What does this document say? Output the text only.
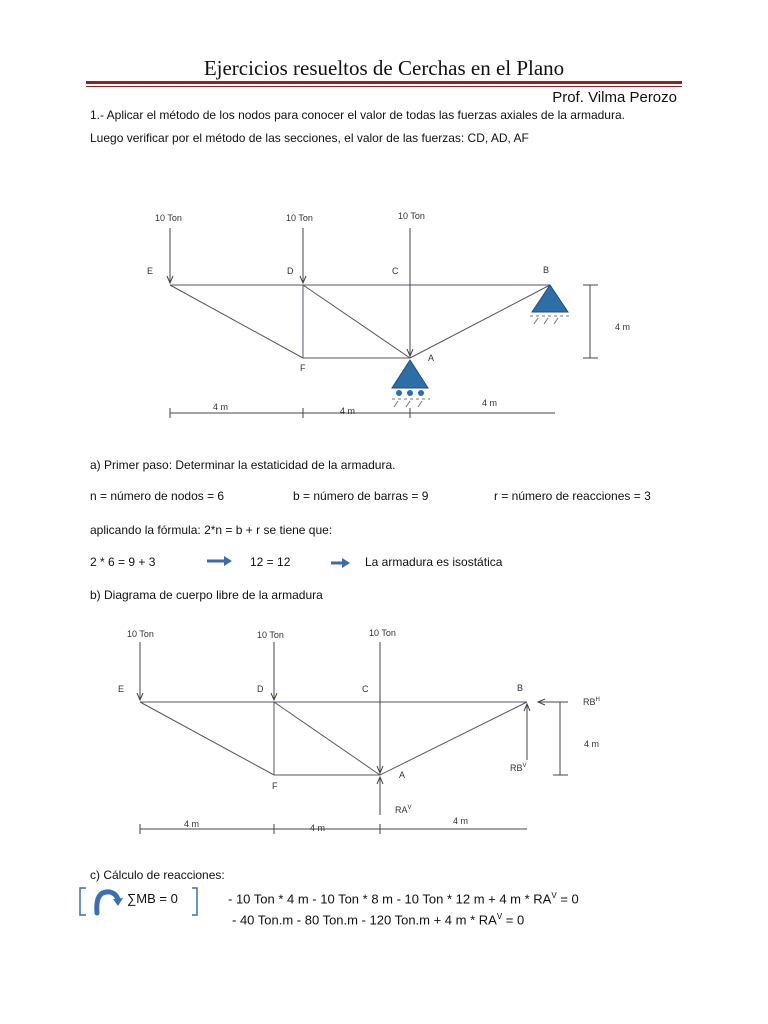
Ejercicios resueltos de Cerchas en el Plano
Prof. Vilma Perozo
1.- Aplicar el método de los nodos para conocer el valor de todas las fuerzas axiales de la armadura.
Luego verificar por el método de las secciones, el valor de las fuerzas: CD, AD, AF
10 Ton	10 Ton	10 Ton
E	D	C	B
A
F
4 m
4 m	4 m
4 m
a) Primer paso: Determinar la estaticidad de la armadura.
n = número de nodos = 6	b = número de barras = 9	r = número de reacciones = 3
aplicando la fórmula: 2*n = b + r se tiene que:
2 * 6 = 9 + 3	12 = 12	La armadura es isostática
b) Diagrama de cuerpo libre de la armadura
10 Ton	10 Ton	10 Ton
E	D	C	B
A
F
$RB^H$
$RB^V$
$RA^V$
4 m
4 m	4 m
4 m
c) Cálculo de reacciones:
∑MB = 0	- 10 Ton * 4 m - 10 Ton * 8 m - 10 Ton * 12 m + 4 $m * RA^V = 0$
- 40 Ton.m - 80 Ton.m - 120 Ton.m + 4 $m * RA^V = 0$
